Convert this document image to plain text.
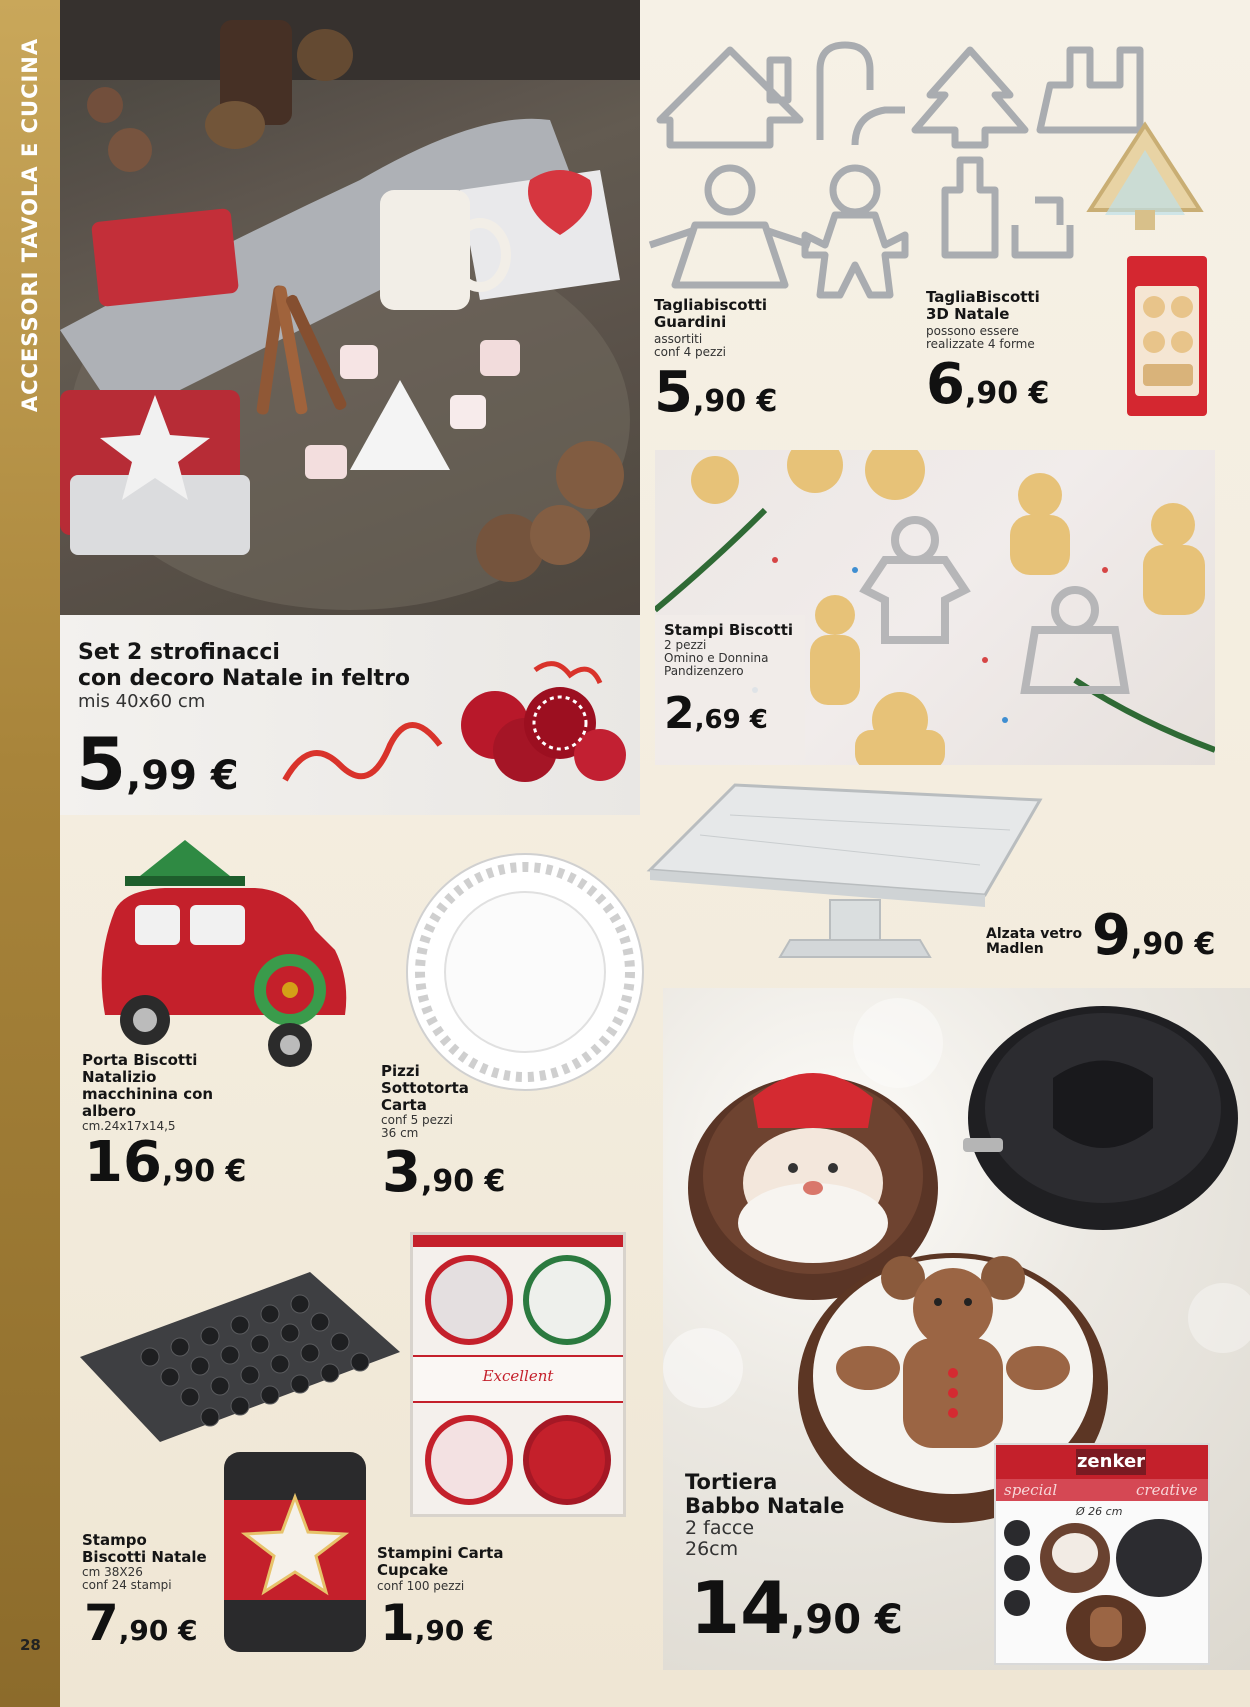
ACCESSORI TAVOLA E CUCINA
Set 2 strofinacci
con decoro Natale in feltro
mis 40x60 cm
5,99 €
Tagliabiscotti
Guardini
assortiti
conf 4 pezzi
5,90 €
TagliaBiscotti
3D Natale
possono essere
realizzate 4 forme
6,90 €
Stampi Biscotti
2 pezzi
Omino e Donnina
Pandizenzero
2,69 €
Alzata vetro
Madlen 9,90 €
Porta Biscotti
Natalizio
macchinina con
albero
cm.24x17x14,5
16,90 €
Pizzi
Sottotorta
Carta
conf 5 pezzi
36 cm
3,90 €
Stampo
Biscotti Natale
cm 38X26
conf 24 stampi
7,90 €
Excellent
Stampini Carta
Cupcake
conf 100 pezzi
1,90 €
zenker
special	creative
Ø 26 cm
Tortiera
Babbo Natale
2 facce
26cm
14,90 €
28
